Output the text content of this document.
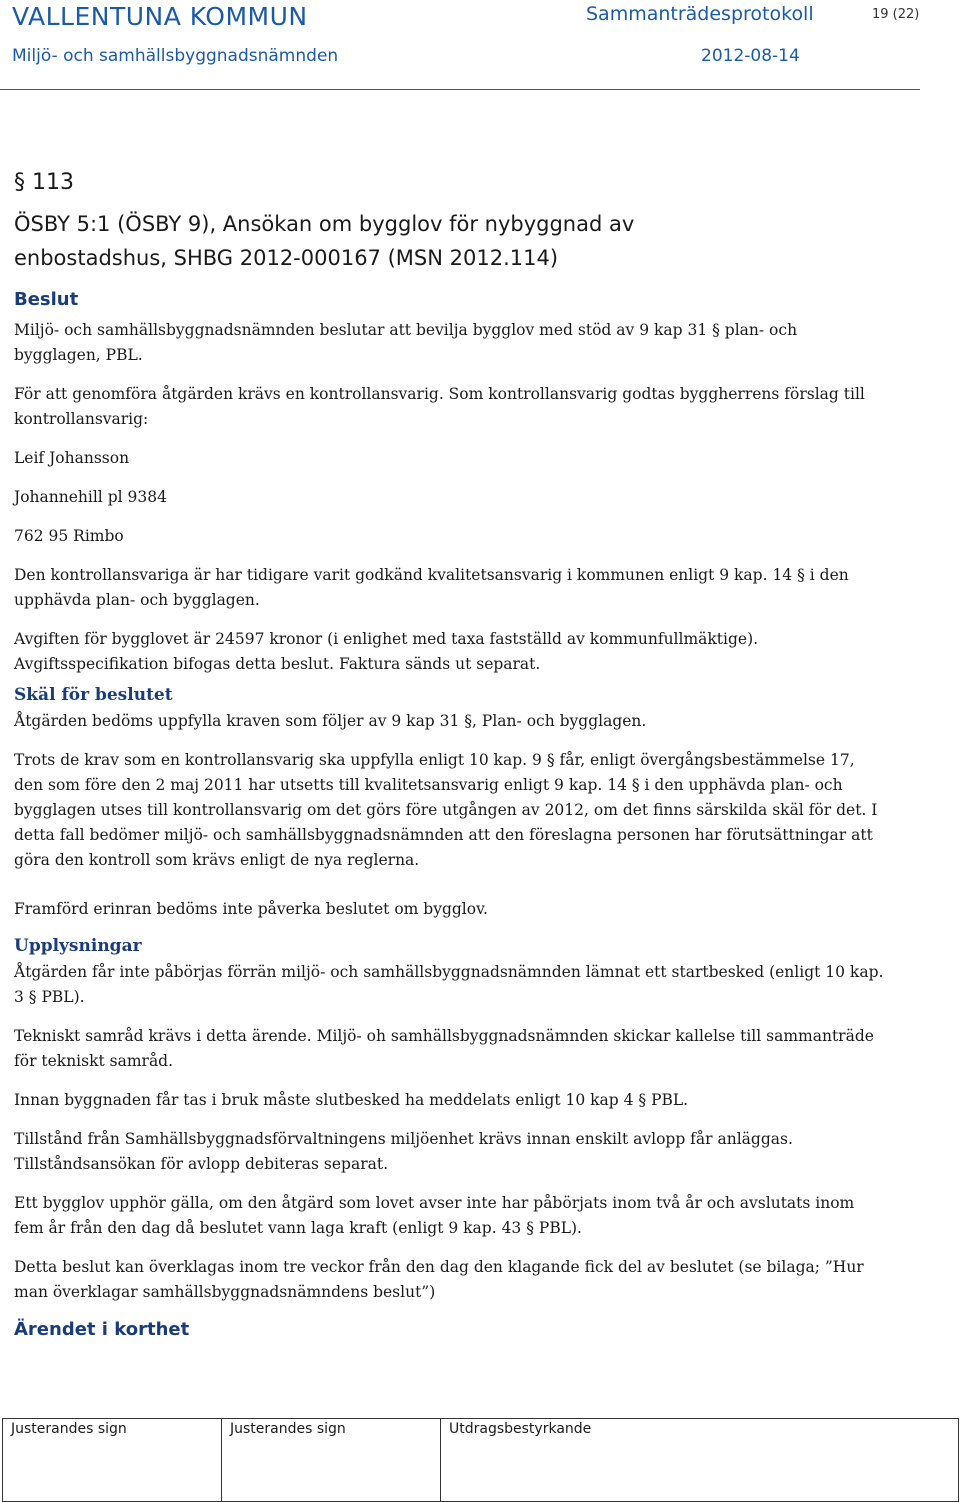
VALLENTUNA KOMMUN	Sammanträdesprotokoll	19 (22)
Miljö- och samhällsbyggnadsnämnden	2012-08-14
§ 113
ÖSBY 5:1 (ÖSBY 9), Ansökan om bygglov för nybyggnad av
enbostadshus, SHBG 2012-000167 (MSN 2012.114)
Beslut

Miljö- och samhällsbyggnadsnämnden beslutar att bevilja bygglov med stöd av 9 kap 31 § plan- och bygglagen, PBL.

För att genomföra åtgärden krävs en kontrollansvarig. Som kontrollansvarig godtas byggherrens förslag till kontrollansvarig:

Leif Johansson

Johannehill pl 9384

762 95 Rimbo

Den kontrollansvariga är har tidigare varit godkänd kvalitetsansvarig i kommunen enligt 9 kap. 14 § i den upphävda plan- och bygglagen.

Avgiften för bygglovet är 24597 kronor (i enlighet med taxa fastställd av kommunfullmäktige). Avgiftsspecifikation bifogas detta beslut. Faktura sänds ut separat.

Skäl för beslutet

Åtgärden bedöms uppfylla kraven som följer av 9 kap 31 §, Plan- och bygglagen.

Trots de krav som en kontrollansvarig ska uppfylla enligt 10 kap. 9 § får, enligt övergångsbestämmelse 17, den som före den 2 maj 2011 har utsetts till kvalitetsansvarig enligt 9 kap. 14 § i den upphävda plan- och bygglagen utses till kontrollansvarig om det görs före utgången av 2012, om det finns särskilda skäl för det. I detta fall bedömer miljö- och samhällsbyggnadsnämnden att den föreslagna personen har förutsättningar att göra den kontroll som krävs enligt de nya reglerna.

Framförd erinran bedöms inte påverka beslutet om bygglov.

Upplysningar

Åtgärden får inte påbörjas förrän miljö- och samhällsbyggnadsnämnden lämnat ett startbesked (enligt 10 kap. 3 § PBL).

Tekniskt samråd krävs i detta ärende. Miljö- oh samhällsbyggnadsnämnden skickar kallelse till sammanträde för tekniskt samråd.

Innan byggnaden får tas i bruk måste slutbesked ha meddelats enligt 10 kap 4 § PBL.

Tillstånd från Samhällsbyggnadsförvaltningens miljöenhet krävs innan enskilt avlopp får anläggas. Tillståndsansökan för avlopp debiteras separat.

Ett bygglov upphör gälla, om den åtgärd som lovet avser inte har påbörjats inom två år och avslutats inom fem år från den dag då beslutet vann laga kraft (enligt 9 kap. 43 § PBL).

Detta beslut kan överklagas inom tre veckor från den dag den klagande fick del av beslutet (se bilaga; ”Hur man överklagar samhällsbyggnadsnämndens beslut”)

Ärendet i korthet
Justerandes sign	Justerandes sign	Utdragsbestyrkande
